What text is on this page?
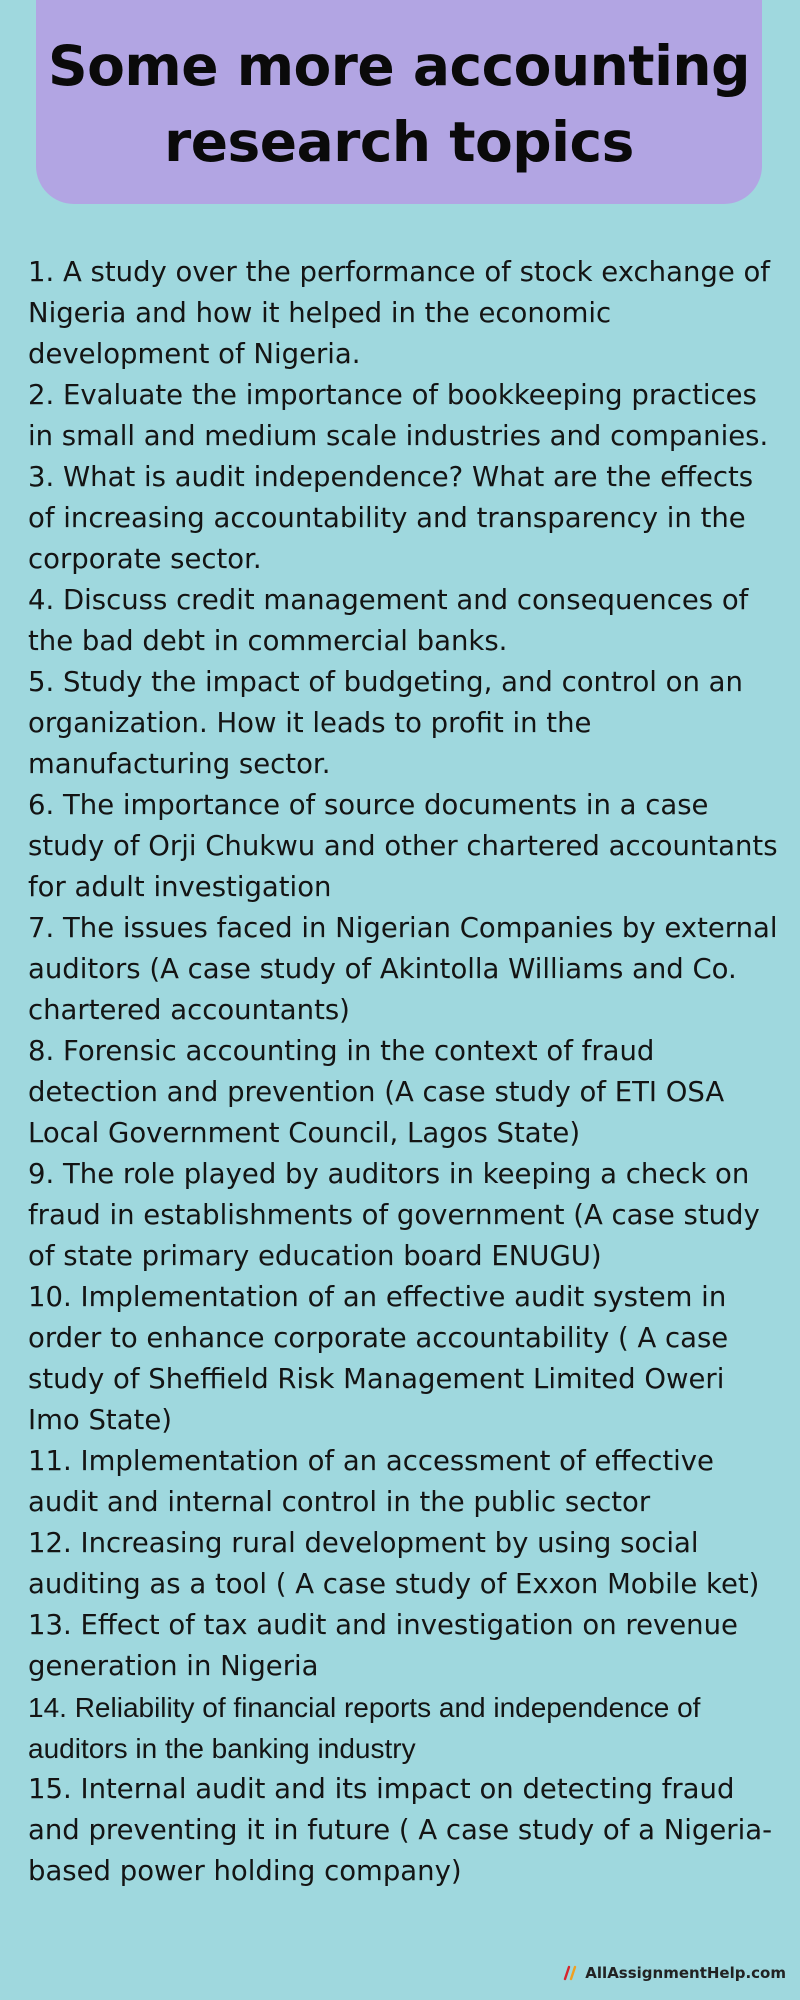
Some more accounting
research topics
1. A study over the performance of stock exchange of Nigeria and how it helped in the economic development of Nigeria.
2. Evaluate the importance of bookkeeping practices in small and medium scale industries and companies.
3. What is audit independence? What are the effects of increasing accountability and transparency in the corporate sector.
4. Discuss credit management and consequences of the bad debt in commercial banks.
5. Study the impact of budgeting, and control on an organization. How it leads to profit in the manufacturing sector.
6. The importance of source documents in a case study of Orji Chukwu and other chartered accountants for adult investigation
7. The issues faced in Nigerian Companies by external auditors (A case study of Akintolla Williams and Co. chartered accountants)
8. Forensic accounting in the context of fraud detection and prevention (A case study of ETI OSA Local Government Council, Lagos State)
9. The role played by auditors in keeping a check on fraud in establishments of government (A case study of state primary education board ENUGU)
10. Implementation of an effective audit system in order to enhance corporate accountability ( A case study of Sheffield Risk Management Limited Oweri Imo State)
11. Implementation of an accessment of effective audit and internal control in the public sector
12. Increasing rural development by using social auditing as a tool ( A case study of Exxon Mobile ket)
13. Effect of tax audit and investigation on revenue generation in Nigeria
14. Reliability of financial reports and independence of auditors in the banking industry
15. Internal audit and its impact on detecting fraud and preventing it in future ( A case study of a Nigeria-based power holding company)
AllAssignmentHelp.com
